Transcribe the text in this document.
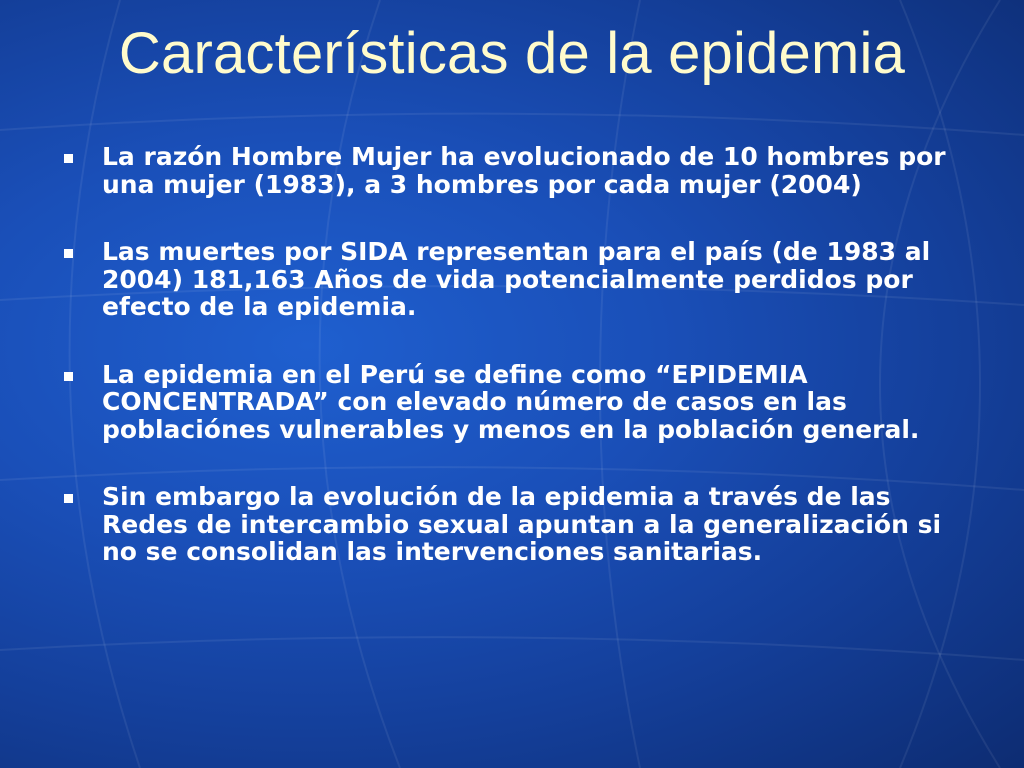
Características de la epidemia
La razón Hombre Mujer ha evolucionado de 10 hombres por una mujer (1983), a 3 hombres por cada mujer (2004)
Las muertes por SIDA representan para el país (de 1983 al 2004) 181,163 Años de vida potencialmente perdidos por efecto de la epidemia.
La epidemia en el Perú se define como “EPIDEMIA CONCENTRADA” con elevado número de casos en las poblaciónes vulnerables y menos en la población general.
Sin embargo la evolución de la epidemia a través de las Redes de intercambio sexual apuntan a la generalización si no se consolidan las intervenciones sanitarias.
